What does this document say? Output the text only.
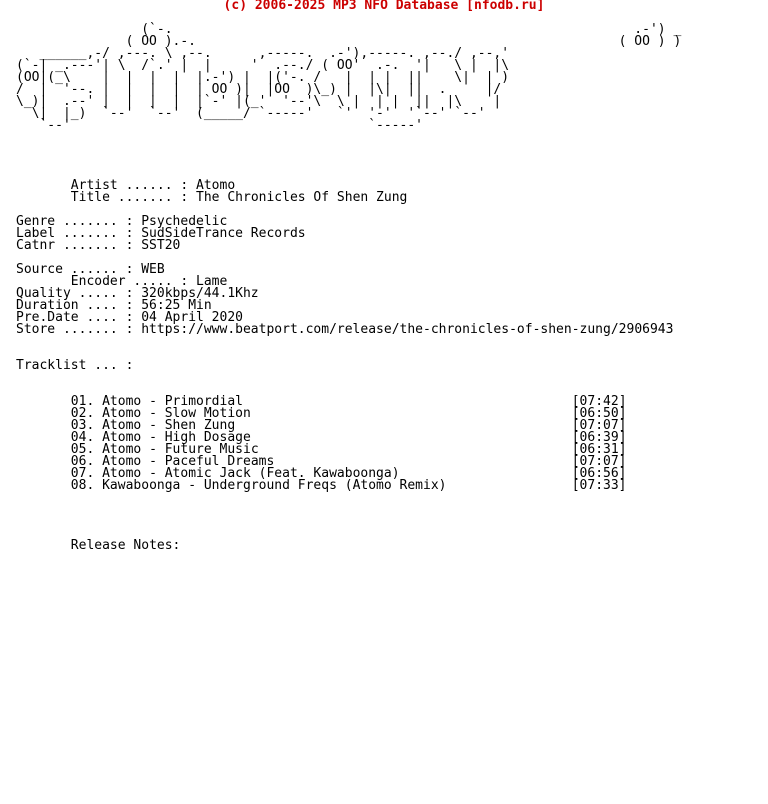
(c) 2006-2025 MP3 NFO Database [nfodb.ru]
(`-.                                                           .-') _
( OO ).-.                                                      ( OO ) )
______,-/ ,---. \ ,--.      ,-----.  .-'),-----. ,--./ ,--,'
(`-| _.---'| \  /`.' |  |     '  .--./ ( OO'  .-.  '|   \ |  |\
(OO|(_\    |  |  |  |  |.-') |  |('-. /   |  | |  ||    \|  | )
/  |  '--. |  |  |  |  | OO )|  |OO  )\_) |  |\|  ||  .     |/
\_)|  .--' |  |  |  |  |`-' |(_'  '--'\  \ |  | |  ||  |\    |
\|  |_)  `--'  `--'  (_____/ `-----'   `'  '-'  '`--' `--'
`--'                                      `-----'

Artist ...... : Atomo
Title ....... : The Chronicles Of Shen Zung

Genre ....... : Psychedelic
Label ....... : SudSideTrance Records
Catnr ....... : SST20

Source ...... : WEB
Encoder ..... : Lame
Quality ..... : 320kbps/44.1Khz
Duration .... : 56:25 Min
Pre.Date .... : 04 April 2020
Store ....... : https://www.beatport.com/release/the-chronicles-of-shen-zung/2906943

Tracklist ... :
01. Atomo - Primordial	[07:42]
02. Atomo - Slow Motion	[06:50]
03. Atomo - Shen Zung	[07:07]
04. Atomo - High Dosage	[06:39]
05. Atomo - Future Music	[06:31]
06. Atomo - Paceful Dreams	[07:07]
07. Atomo - Atomic Jack (Feat. Kawaboonga)	[06:56]
08. Kawaboonga - Underground Freqs (Atomo Remix)	[07:33]
Release Notes:
